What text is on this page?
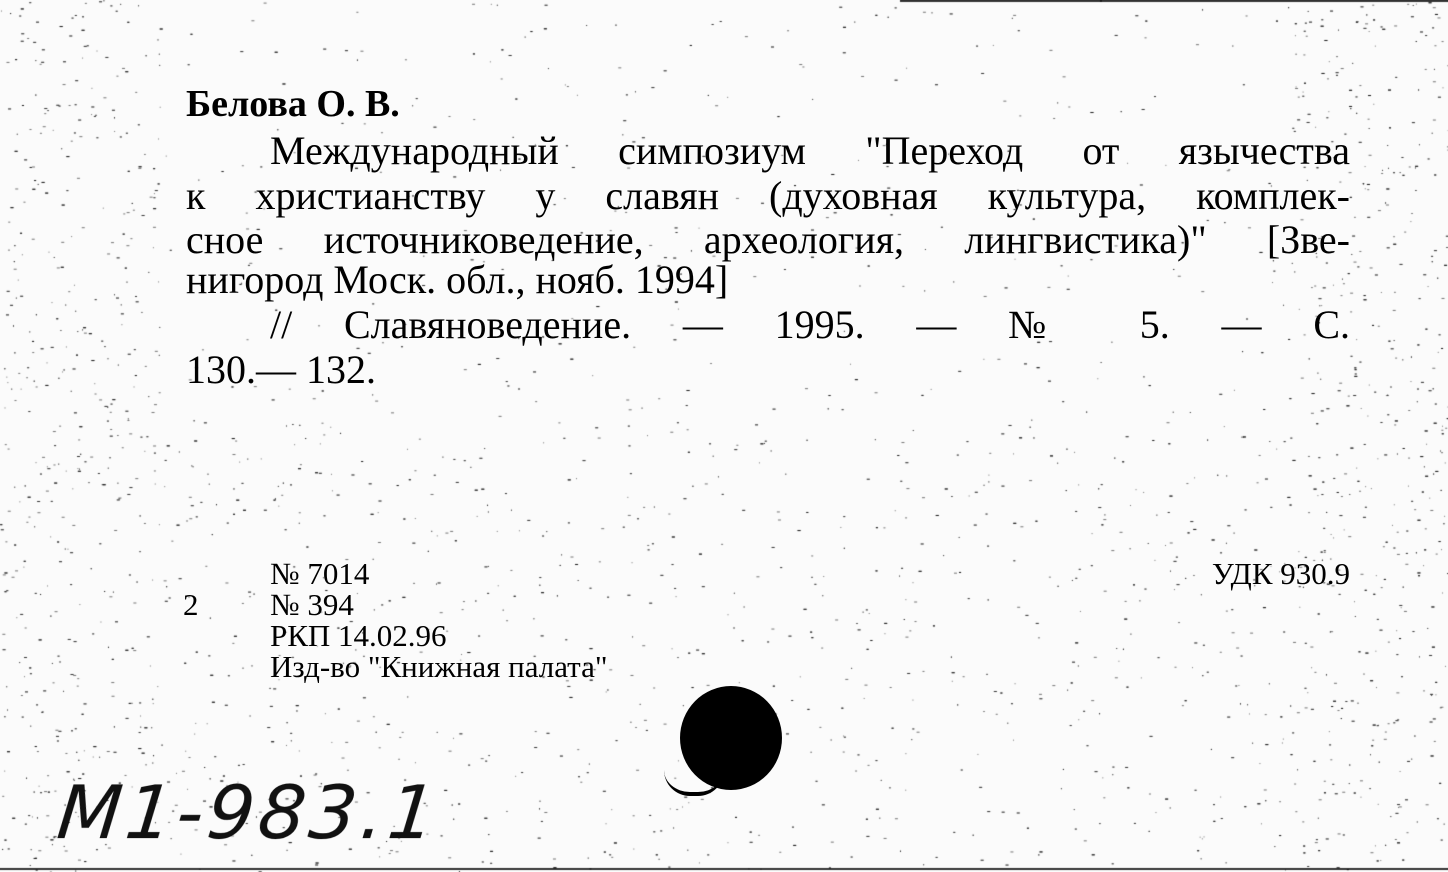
Белова О. В.
Международный симпозиум "Переход от язычества
к христианству у славян (духовная культура, комплек-
сное источниковедение, археология, лингвистика)" [Зве-
нигород Моск. обл., нояб. 1994]
// Славяноведение. — 1995. — № 5. — С.
130.— 132.
№ 7014
2 № 394
РКП 14.02.96
Изд-во "Книжная палата"
УДК 930.9
M1-983.1
